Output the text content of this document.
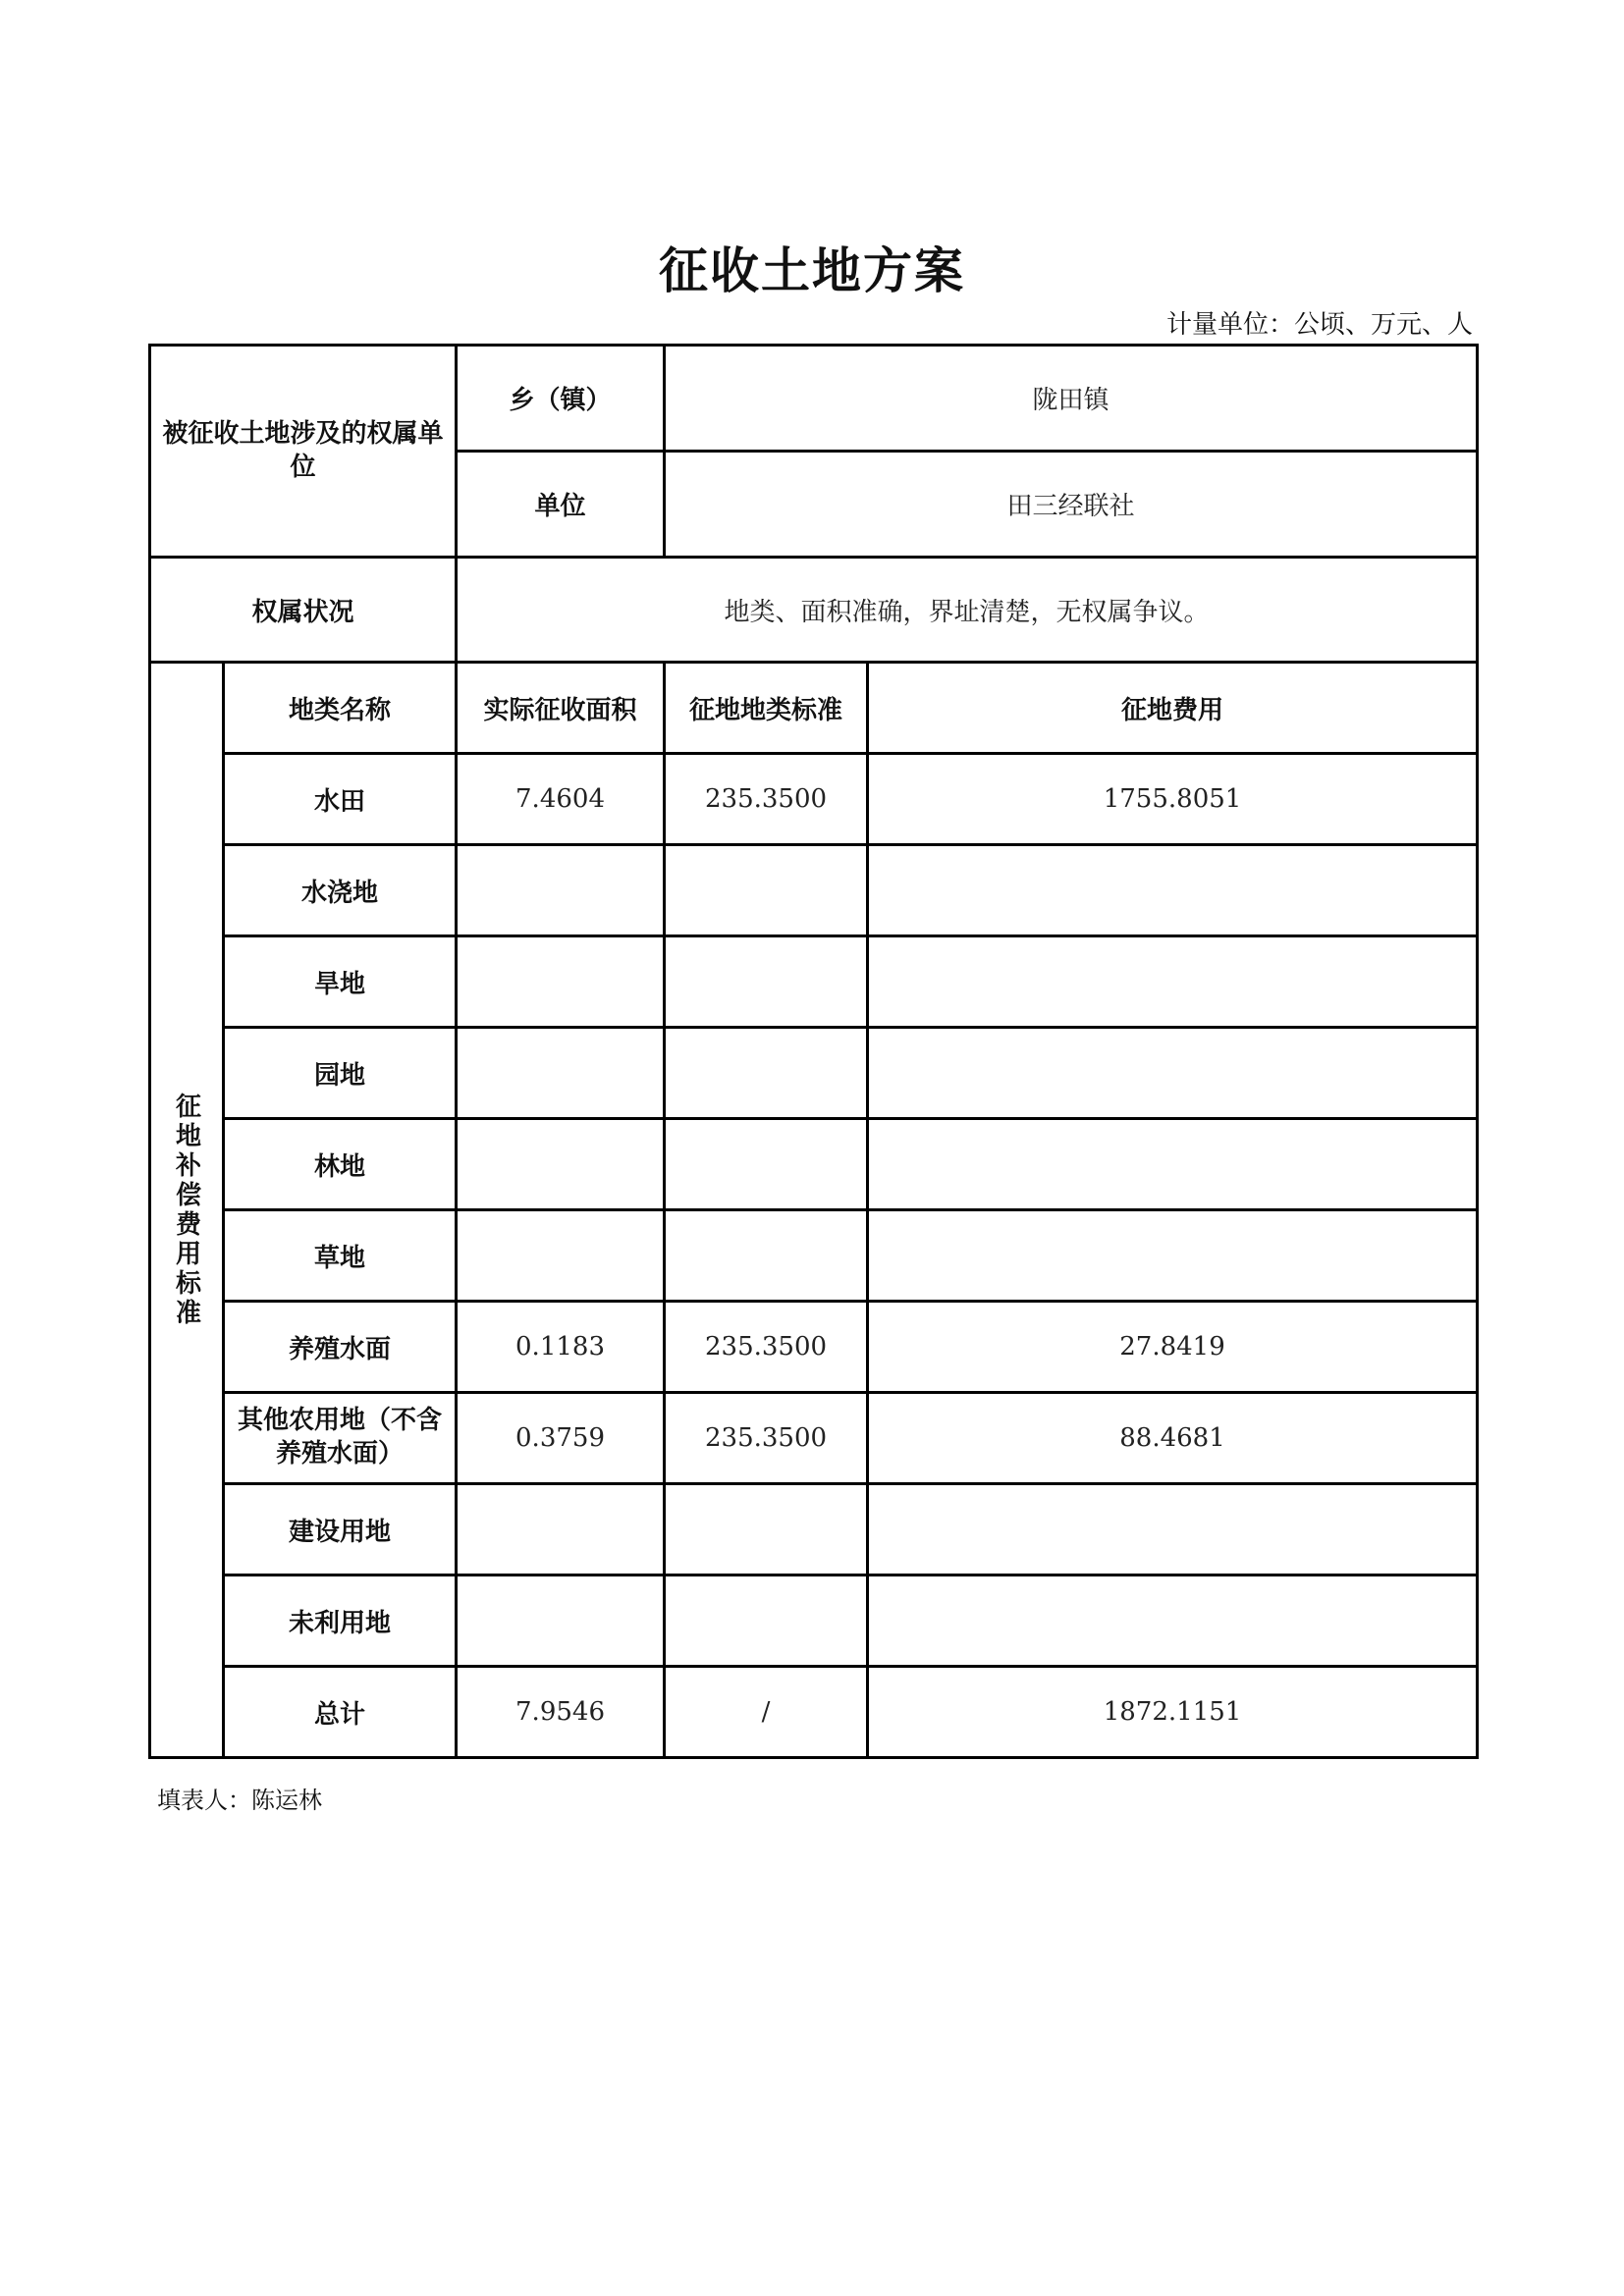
征收土地方案
计量单位：公顷、万元、人
被征收土地涉及的权属单位		乡（镇）	陇田镇	
		单位	田三经联社	
权属状况		地类、面积准确，界址清楚，无权属争议。		

征地补偿费用标准	地类名称	实际征收面积	征地地类标准	征地费用
	水田	7.4604	235.3500	1755.8051
	水浇地			
	旱地			
	园地			
	林地			
	草地			
	养殖水面	0.1183	235.3500	27.8419
	其他农用地（不含养殖水面）	0.3759	235.3500	88.4681
	建设用地			
	未利用地			
	总计	7.9546	/	1872.1151
填表人：陈运林
